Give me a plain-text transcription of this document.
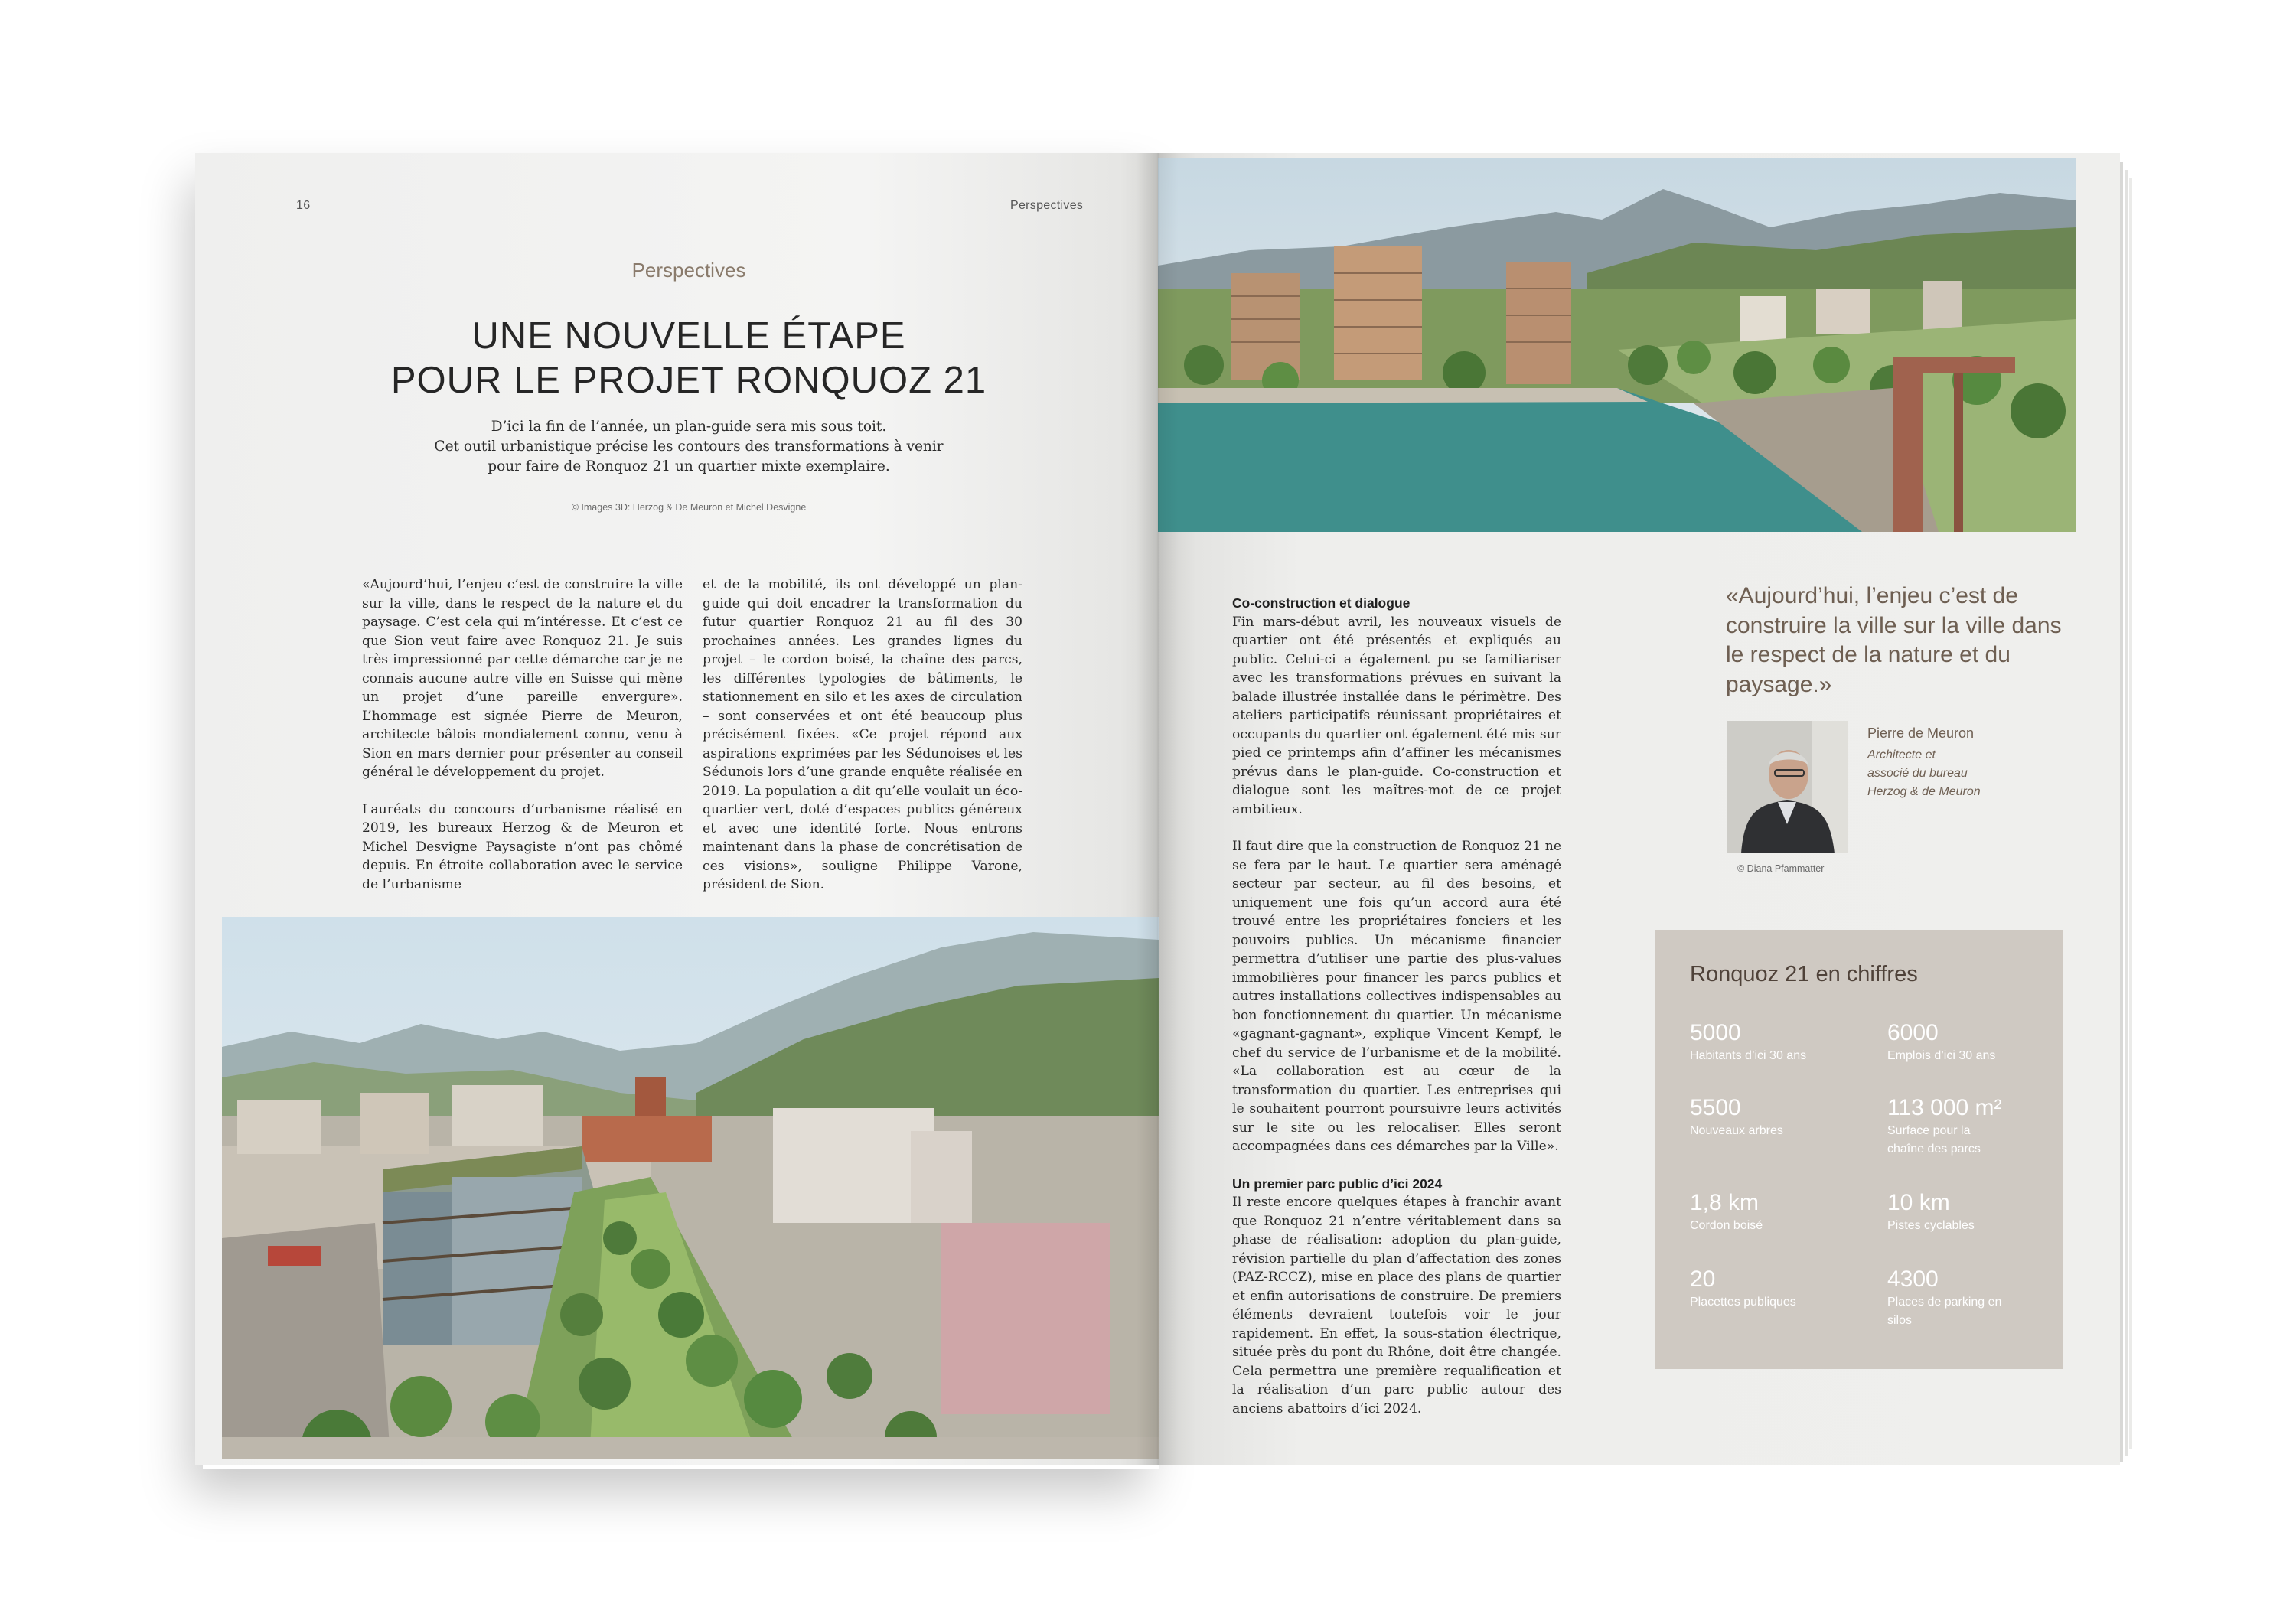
16	Perspectives
Perspectives
UNE NOUVELLE ÉTAPE
POUR LE PROJET RONQUOZ 21
D’ici la fin de l’année, un plan-guide sera mis sous toit.
Cet outil urbanistique précise les contours des transformations à venir
pour faire de Ronquoz 21 un quartier mixte exemplaire.
© Images 3D: Herzog & De Meuron et Michel Desvigne

«Aujourd’hui, l’enjeu c’est de construire la ville sur la ville, dans le respect de la nature et du paysage. C’est cela qui m’intéresse. Et c’est ce que Sion veut faire avec Ronquoz 21. Je suis très impressionné par cette démarche car je ne connais aucune autre ville en Suisse qui mène un projet d’une pareille envergure». L’hommage est signée Pierre de Meuron, architecte bâlois mondialement connu, venu à Sion en mars dernier pour présenter au conseil général le développement du projet.

Lauréats du concours d’urbanisme réalisé en 2019, les bureaux Herzog & de Meuron et Michel Desvigne Paysagiste n’ont pas chômé depuis. En étroite collaboration avec le service de l’urbanisme

et de la mobilité, ils ont développé un plan-guide qui doit encadrer la transformation du futur quartier Ronquoz 21 au fil des 30 prochaines années. Les grandes lignes du projet – le cordon boisé, la chaîne des parcs, les différentes typologies de bâtiments, le stationnement en silo et les axes de circulation – sont conservées et ont été beaucoup plus précisément fixées. «Ce projet répond aux aspirations exprimées par les Sédunoises et les Sédunois lors d’une grande enquête réalisée en 2019. La population a dit qu’elle voulait un éco-quartier vert, doté d’espaces publics généreux et avec une identité forte. Nous entrons maintenant dans la phase de concrétisation de ces visions», souligne Philippe Varone, président de Sion.

Co-construction et dialogue

Fin mars-début avril, les nouveaux visuels de quartier ont été présentés et expliqués au public. Celui-ci a également pu se familiariser avec les transformations prévues en suivant la balade illustrée installée dans le périmètre. Des ateliers participatifs réunissant propriétaires et occupants du quartier ont également été mis sur pied ce printemps afin d’affiner les mécanismes prévus dans le plan-guide. Co-construction et dialogue sont les maîtres-mot de ce projet ambitieux.

Il faut dire que la construction de Ronquoz 21 ne se fera par le haut. Le quartier sera aménagé secteur par secteur, au fil des besoins, et uniquement une fois qu’un accord aura été trouvé entre les propriétaires fonciers et les pouvoirs publics. Un mécanisme financier permettra d’utiliser une partie des plus-values immobilières pour financer les parcs publics et autres installations collectives indispensables au bon fonctionnement du quartier. Un mécanisme «gagnant-gagnant», explique Vincent Kempf, le chef du service de l’urbanisme et de la mobilité. «La collaboration est au cœur de la transformation du quartier. Les entreprises qui le souhaitent pourront poursuivre leurs activités sur le site ou les relocaliser. Elles seront accompagnées dans ces démarches par la Ville».

Un premier parc public d’ici 2024

Il reste encore quelques étapes à franchir avant que Ronquoz 21 n’entre véritablement dans sa phase de réalisation: adoption du plan-guide, révision partielle du plan d’affectation des zones (PAZ-RCCZ), mise en place des plans de quartier et enfin autorisations de construire. De premiers éléments devraient toutefois voir le jour rapidement. En effet, la sous-station électrique, située près du pont du Rhône, doit être changée. Cela permettra une première requalification et la réalisation d’un parc public autour des anciens abattoirs d’ici 2024.

«Aujourd’hui, l’enjeu c’est de construire la ville sur la ville dans le respect de la nature et du paysage.»
Pierre de Meuron
Architecte et
associé du bureau
Herzog & de Meuron
© Diana Pfammatter
Ronquoz 21 en chiffres
5000
Habitants d’ici 30 ans
6000
Emplois d’ici 30 ans
5500
Nouveaux arbres
113 000 m²
Surface pour la chaîne des parcs
1,8 km
Cordon boisé
10 km
Pistes cyclables
20
Placettes publiques
4300
Places de parking en silos
